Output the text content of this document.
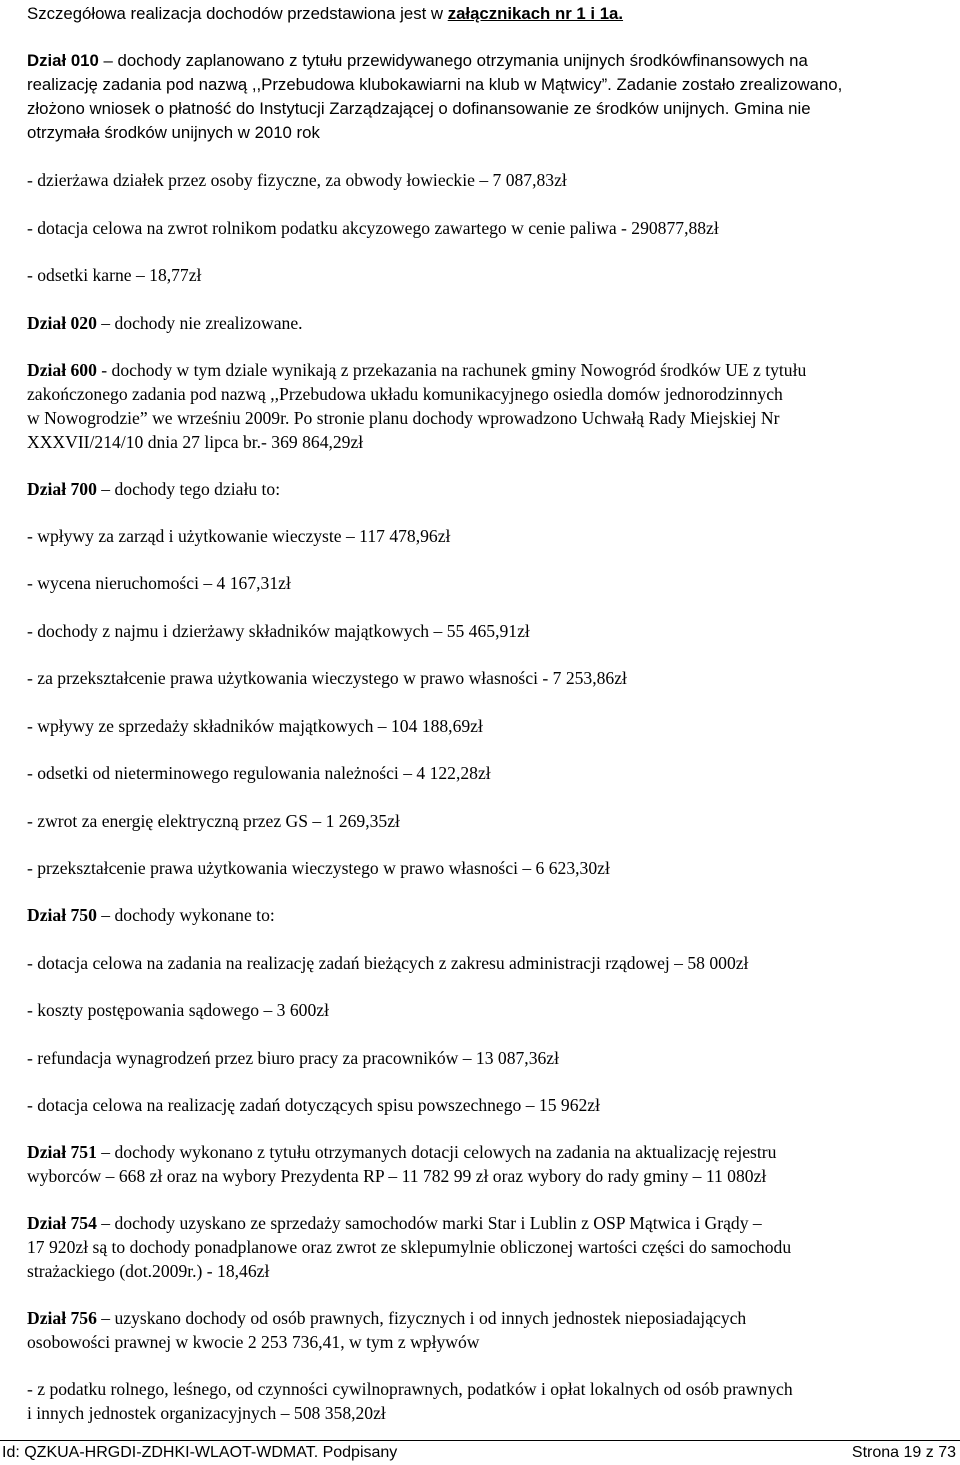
Szczegółowa realizacja dochodów przedstawiona jest w załącznikach nr 1 i 1a.

Dział 010 – dochody zaplanowano z tytułu przewidywanego otrzymania unijnych środkówfinansowych na

realizację zadania pod nazwą ,,Przebudowa klubokawiarni na klub w Mątwicy”. Zadanie zostało zrealizowano,

złożono wniosek o płatność do Instytucji Zarządzającej o dofinansowanie ze środków unijnych. Gmina nie

otrzymała środków unijnych w 2010 rok

- dzierżawa działek przez osoby fizyczne, za obwody łowieckie – 7 087,83zł

- dotacja celowa na zwrot rolnikom podatku akcyzowego zawartego w cenie paliwa - 290877,88zł

- odsetki karne – 18,77zł

Dział 020 – dochody nie zrealizowane.

Dział 600 - dochody w tym dziale wynikają z przekazania na rachunek gminy Nowogród środków UE z tytułu

zakończonego zadania pod nazwą ,,Przebudowa układu komunikacyjnego osiedla domów jednorodzinnych

w Nowogrodzie” we wrześniu 2009r. Po stronie planu dochody wprowadzono Uchwałą Rady Miejskiej Nr

XXXVII/214/10 dnia 27 lipca br.- 369 864,29zł

Dział 700 – dochody tego działu to:

- wpływy za zarząd i użytkowanie wieczyste – 117 478,96zł

- wycena nieruchomości – 4 167,31zł

- dochody z najmu i dzierżawy składników majątkowych – 55 465,91zł

- za przekształcenie prawa użytkowania wieczystego w prawo własności - 7 253,86zł

- wpływy ze sprzedaży składników majątkowych – 104 188,69zł

- odsetki od nieterminowego regulowania należności – 4 122,28zł

- zwrot za energię elektryczną przez GS – 1 269,35zł

- przekształcenie prawa użytkowania wieczystego w prawo własności – 6 623,30zł

Dział 750 – dochody wykonane to:

- dotacja celowa na zadania na realizację zadań bieżących z zakresu administracji rządowej – 58 000zł

- koszty postępowania sądowego – 3 600zł

- refundacja wynagrodzeń przez biuro pracy za pracowników – 13 087,36zł

- dotacja celowa na realizację zadań dotyczących spisu powszechnego – 15 962zł

Dział 751 – dochody wykonano z tytułu otrzymanych dotacji celowych na zadania na aktualizację rejestru

wyborców – 668 zł oraz na wybory Prezydenta RP – 11 782 99 zł oraz wybory do rady gminy – 11 080zł

Dział 754 – dochody uzyskano ze sprzedaży samochodów marki Star i Lublin z OSP Mątwica i Grądy –

17 920zł są to dochody ponadplanowe oraz zwrot ze sklepumylnie obliczonej wartości części do samochodu

strażackiego (dot.2009r.) - 18,46zł

Dział 756 – uzyskano dochody od osób prawnych, fizycznych i od innych jednostek nieposiadających

osobowości prawnej w kwocie 2 253 736,41, w tym z wpływów

- z podatku rolnego, leśnego, od czynności cywilnoprawnych, podatków i opłat lokalnych od osób prawnych

i innych jednostek organizacyjnych – 508 358,20zł

Id: QZKUA-HRGDI-ZDHKI-WLAOT-WDMAT. Podpisany	Strona 19 z 73
